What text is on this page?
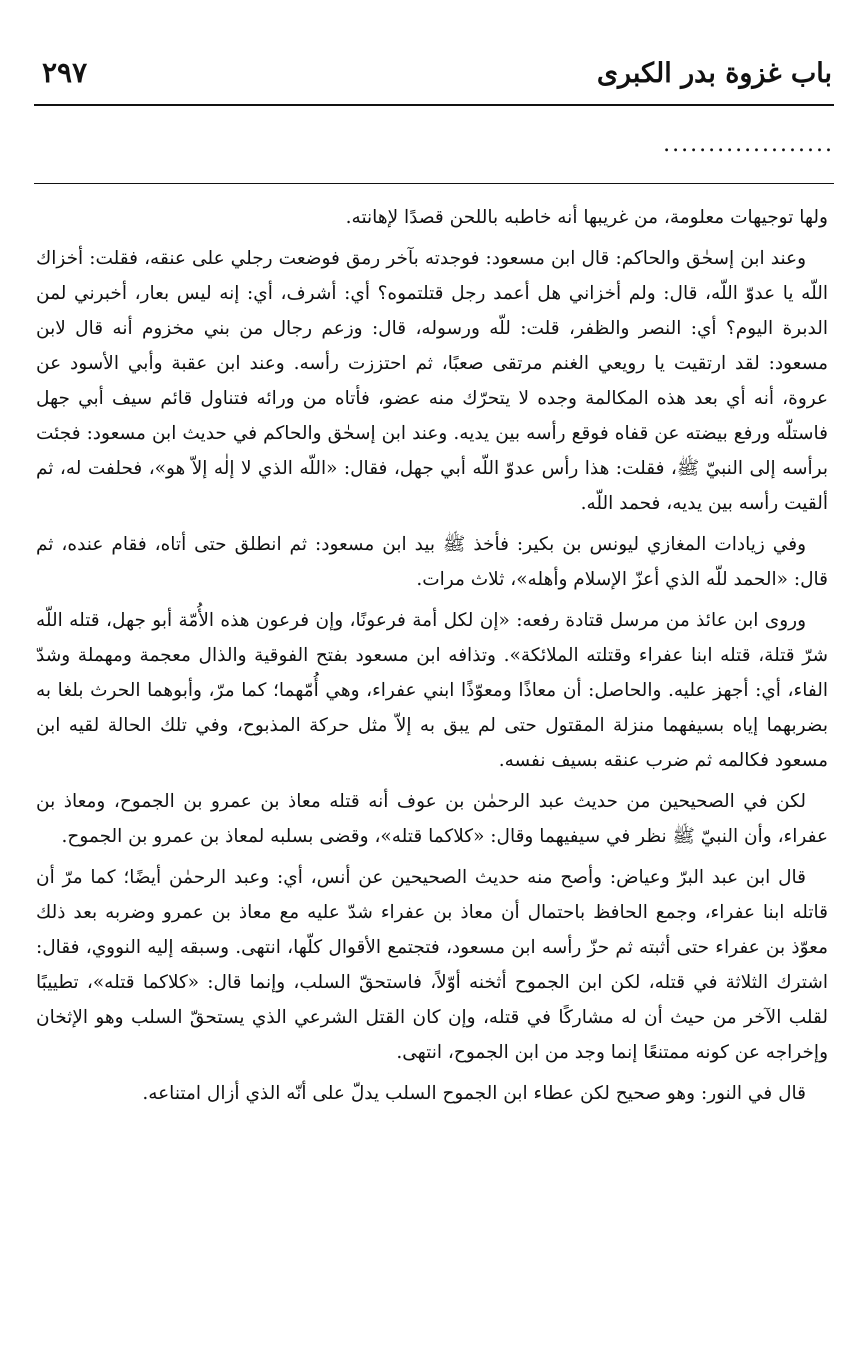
باب غزوة بدر الكبرى
٢٩٧
...................

ولها توجيهات معلومة، من غريبها أنه خاطبه باللحن قصدًا لإهانته.

وعند ابن إسحٰق والحاكم: قال ابن مسعود: فوجدته بآخر رمق فوضعت رجلي على عنقه، فقلت: أخزاك اللّه يا عدوّ اللّه، قال: ولم أخزاني هل أعمد رجل قتلتموه؟ أي: أشرف، أي: إنه ليس بعار، أخبرني لمن الدبرة اليوم؟ أي: النصر والظفر، قلت: للّه ورسوله، قال: وزعم رجال من بني مخزوم أنه قال لابن مسعود: لقد ارتقيت يا رويعي الغنم مرتقى صعبًا، ثم احتززت رأسه. وعند ابن عقبة وأبي الأسود عن عروة، أنه أي بعد هذه المكالمة وجده لا يتحرّك منه عضو، فأتاه من ورائه فتناول قائم سيف أبي جهل فاستلّه ورفع بيضته عن قفاه فوقع رأسه بين يديه. وعند ابن إسحٰق والحاكم في حديث ابن مسعود: فجئت برأسه إلى النبيّ ﷺ، فقلت: هذا رأس عدوّ اللّه أبي جهل، فقال: «اللّه الذي لا إلٰه إلاّ هو»، فحلفت له، ثم ألقيت رأسه بين يديه، فحمد اللّه.

وفي زيادات المغازي ليونس بن بكير: فأخذ ﷺ بيد ابن مسعود: ثم انطلق حتى أتاه، فقام عنده، ثم قال: «الحمد للّه الذي أعزّ الإسلام وأهله»، ثلاث مرات.

وروى ابن عائذ من مرسل قتادة رفعه: «إن لكل أمة فرعونًا، وإن فرعون هذه الأُمّة أبو جهل، قتله اللّه شرّ قتلة، قتله ابنا عفراء وقتلته الملائكة». وتذافه ابن مسعود بفتح الفوقية والذال معجمة ومهملة وشدّ الفاء، أي: أجهز عليه. والحاصل: أن معاذًا ومعوّذًا ابني عفراء، وهي أُمّهما؛ كما مرّ، وأبوهما الحرث بلغا به بضربهما إياه بسيفهما منزلة المقتول حتى لم يبق به إلاّ مثل حركة المذبوح، وفي تلك الحالة لقيه ابن مسعود فكالمه ثم ضرب عنقه بسيف نفسه.

لكن في الصحيحين من حديث عبد الرحمٰن بن عوف أنه قتله معاذ بن عمرو بن الجموح، ومعاذ بن عفراء، وأن النبيّ ﷺ نظر في سيفيهما وقال: «كلاكما قتله»، وقضى بسلبه لمعاذ بن عمرو بن الجموح.

قال ابن عبد البرّ وعياض: وأصح منه حديث الصحيحين عن أنس، أي: وعبد الرحمٰن أيضًا؛ كما مرّ أن قاتله ابنا عفراء، وجمع الحافظ باحتمال أن معاذ بن عفراء شدّ عليه مع معاذ بن عمرو وضربه بعد ذلك معوّذ بن عفراء حتى أثبته ثم حزّ رأسه ابن مسعود، فتجتمع الأقوال كلّها، انتهى. وسبقه إليه النووي، فقال: اشترك الثلاثة في قتله، لكن ابن الجموح أثخنه أوّلاً، فاستحقّ السلب، وإنما قال: «كلاكما قتله»، تطييبًا لقلب الآخر من حيث أن له مشاركًا في قتله، وإن كان القتل الشرعي الذي يستحقّ السلب وهو الإثخان وإخراجه عن كونه ممتنعًا إنما وجد من ابن الجموح، انتهى.

قال في النور: وهو صحيح لكن عطاء ابن الجموح السلب يدلّ على أنّه الذي أزال امتناعه.
